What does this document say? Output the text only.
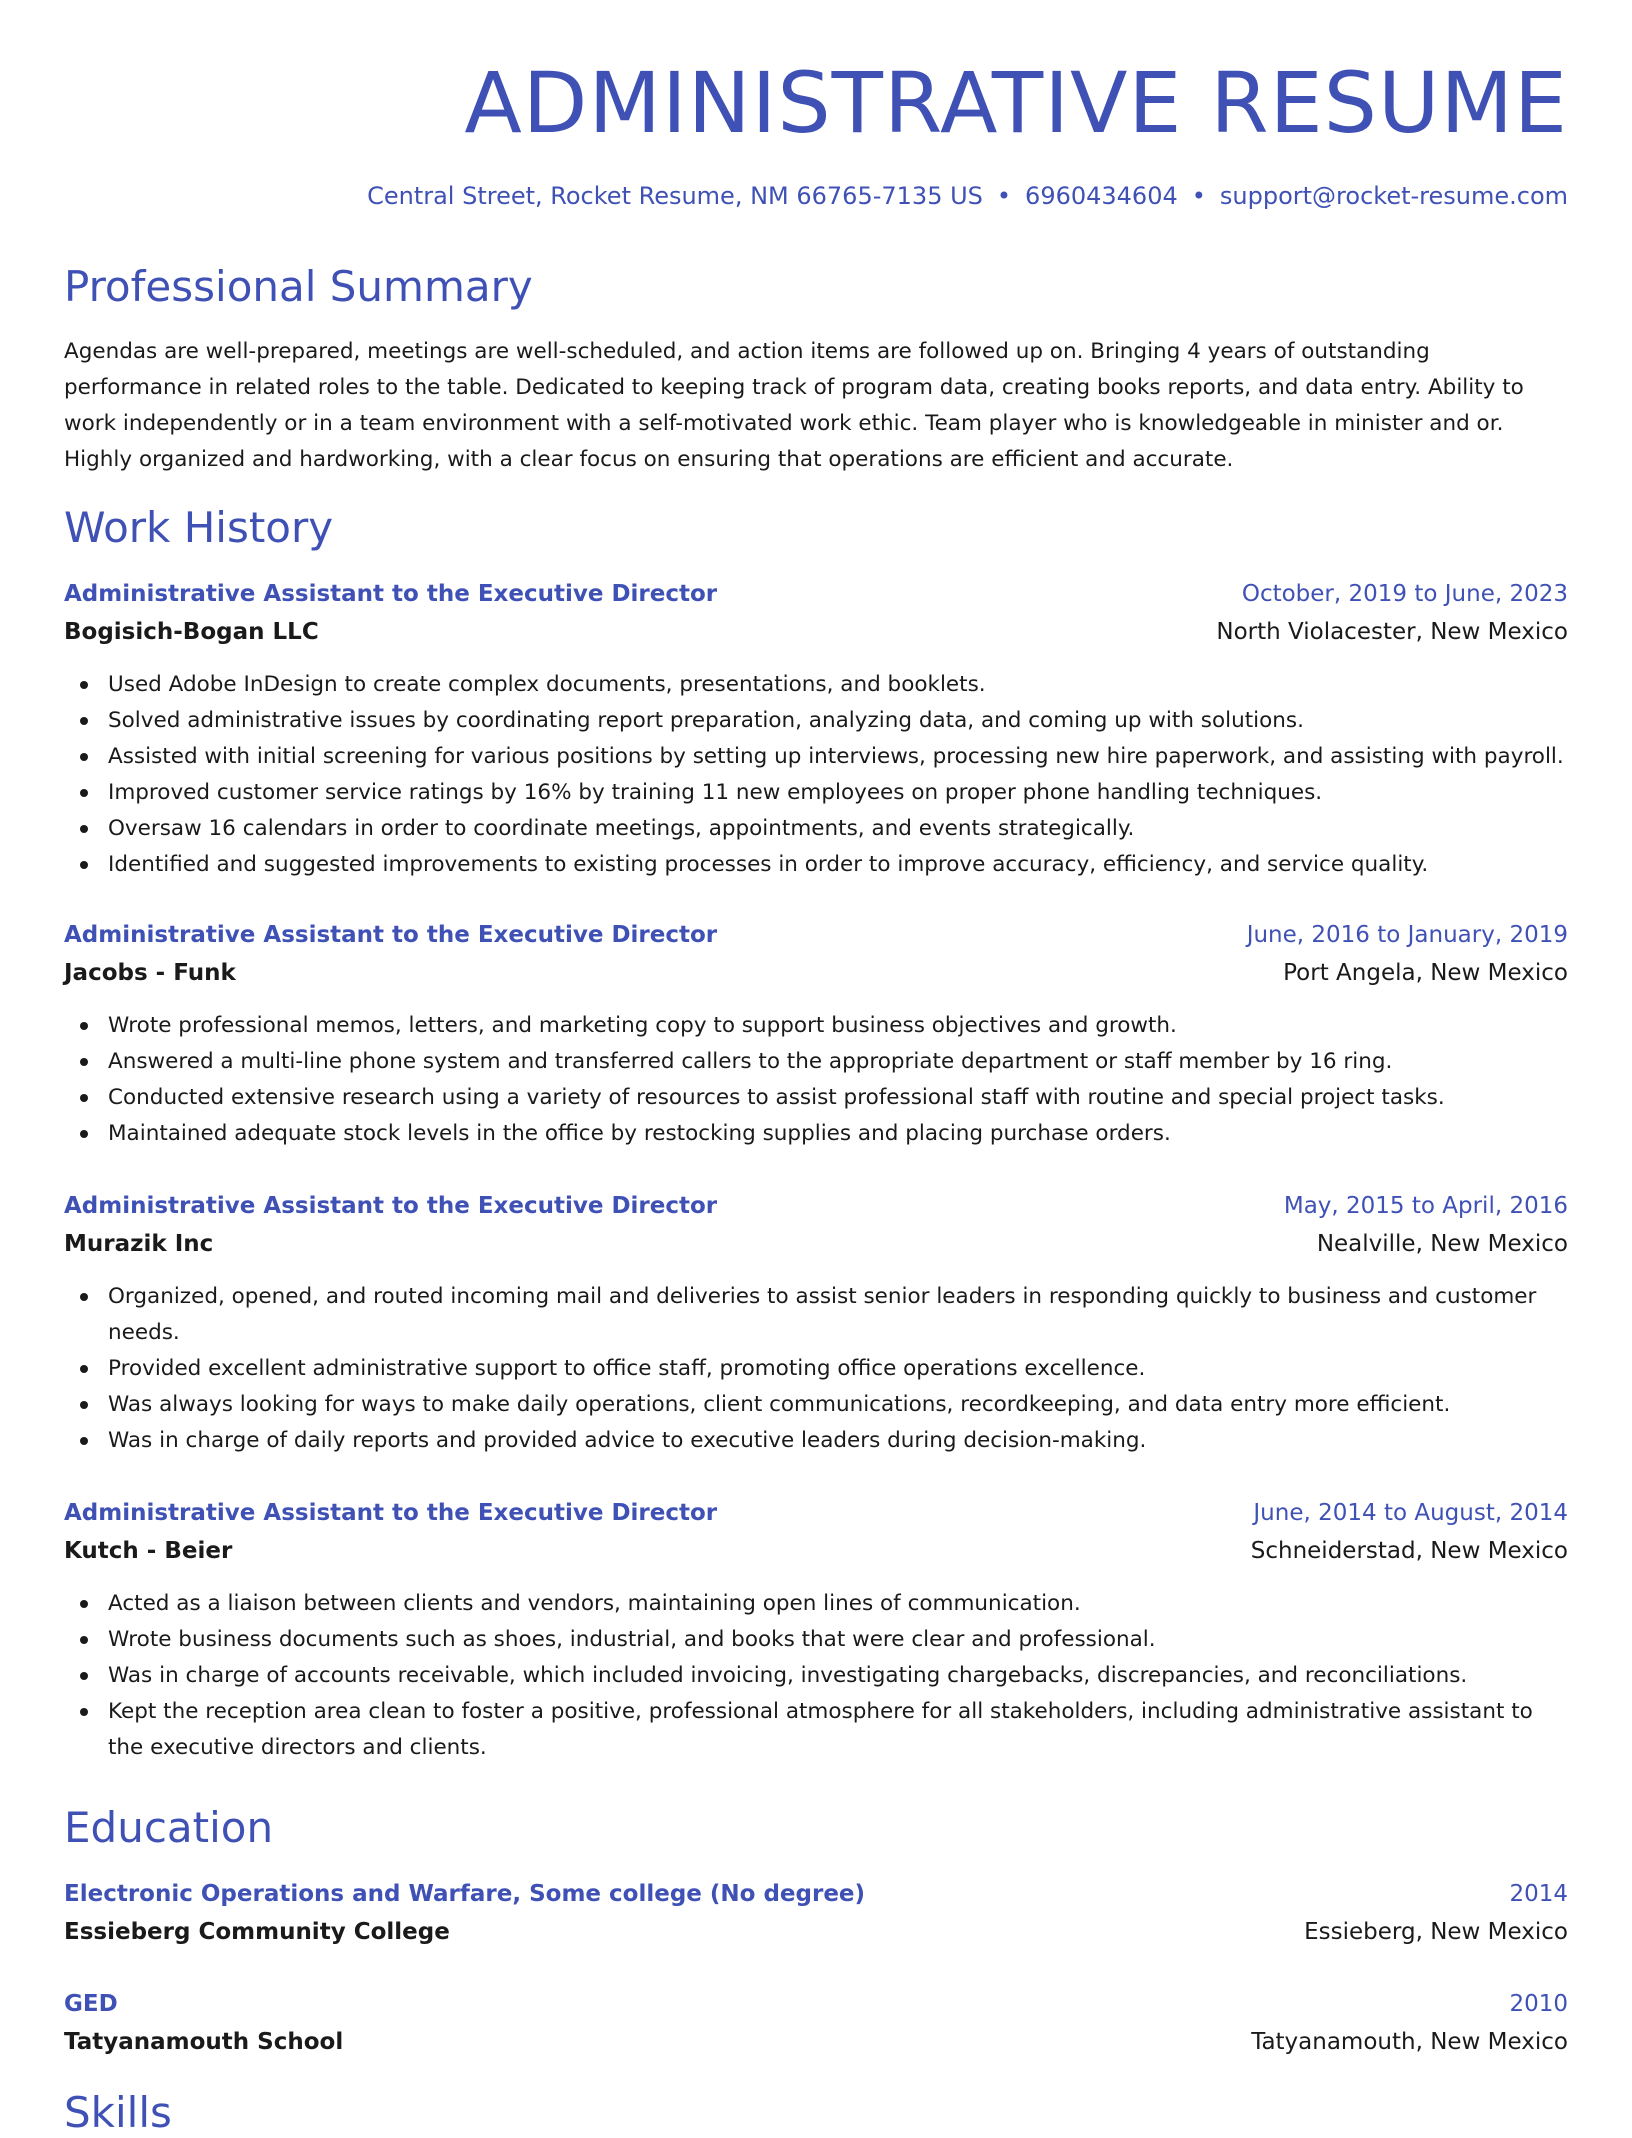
ADMINISTRATIVE RESUME
Central Street, Rocket Resume, NM 66765-7135 US • 6960434604 • support@rocket-resume.com
Professional Summary

Agendas are well-prepared, meetings are well-scheduled, and action items are followed up on. Bringing 4 years of outstanding performance in related roles to the table. Dedicated to keeping track of program data, creating books reports, and data entry. Ability to work independently or in a team environment with a self-motivated work ethic. Team player who is knowledgeable in minister and or. Highly organized and hardworking, with a clear focus on ensuring that operations are efficient and accurate.

Work History
Administrative Assistant to the Executive Director	October, 2019 to June, 2023
Bogisich-Bogan LLC	North Violacester, New Mexico
Used Adobe InDesign to create complex documents, presentations, and booklets.
Solved administrative issues by coordinating report preparation, analyzing data, and coming up with solutions.
Assisted with initial screening for various positions by setting up interviews, processing new hire paperwork, and assisting with payroll.
Improved customer service ratings by 16% by training 11 new employees on proper phone handling techniques.
Oversaw 16 calendars in order to coordinate meetings, appointments, and events strategically.
Identified and suggested improvements to existing processes in order to improve accuracy, efficiency, and service quality.
Administrative Assistant to the Executive Director	June, 2016 to January, 2019
Jacobs - Funk	Port Angela, New Mexico
Wrote professional memos, letters, and marketing copy to support business objectives and growth.
Answered a multi-line phone system and transferred callers to the appropriate department or staff member by 16 ring.
Conducted extensive research using a variety of resources to assist professional staff with routine and special project tasks.
Maintained adequate stock levels in the office by restocking supplies and placing purchase orders.
Administrative Assistant to the Executive Director	May, 2015 to April, 2016
Murazik Inc	Nealville, New Mexico
Organized, opened, and routed incoming mail and deliveries to assist senior leaders in responding quickly to business and customer needs.
Provided excellent administrative support to office staff, promoting office operations excellence.
Was always looking for ways to make daily operations, client communications, recordkeeping, and data entry more efficient.
Was in charge of daily reports and provided advice to executive leaders during decision-making.
Administrative Assistant to the Executive Director	June, 2014 to August, 2014
Kutch - Beier	Schneiderstad, New Mexico
Acted as a liaison between clients and vendors, maintaining open lines of communication.
Wrote business documents such as shoes, industrial, and books that were clear and professional.
Was in charge of accounts receivable, which included invoicing, investigating chargebacks, discrepancies, and reconciliations.
Kept the reception area clean to foster a positive, professional atmosphere for all stakeholders, including administrative assistant to the executive directors and clients.
Education
Electronic Operations and Warfare, Some college (No degree)	2014
Essieberg Community College	Essieberg, New Mexico
GED	2010
Tatyanamouth School	Tatyanamouth, New Mexico
Skills
